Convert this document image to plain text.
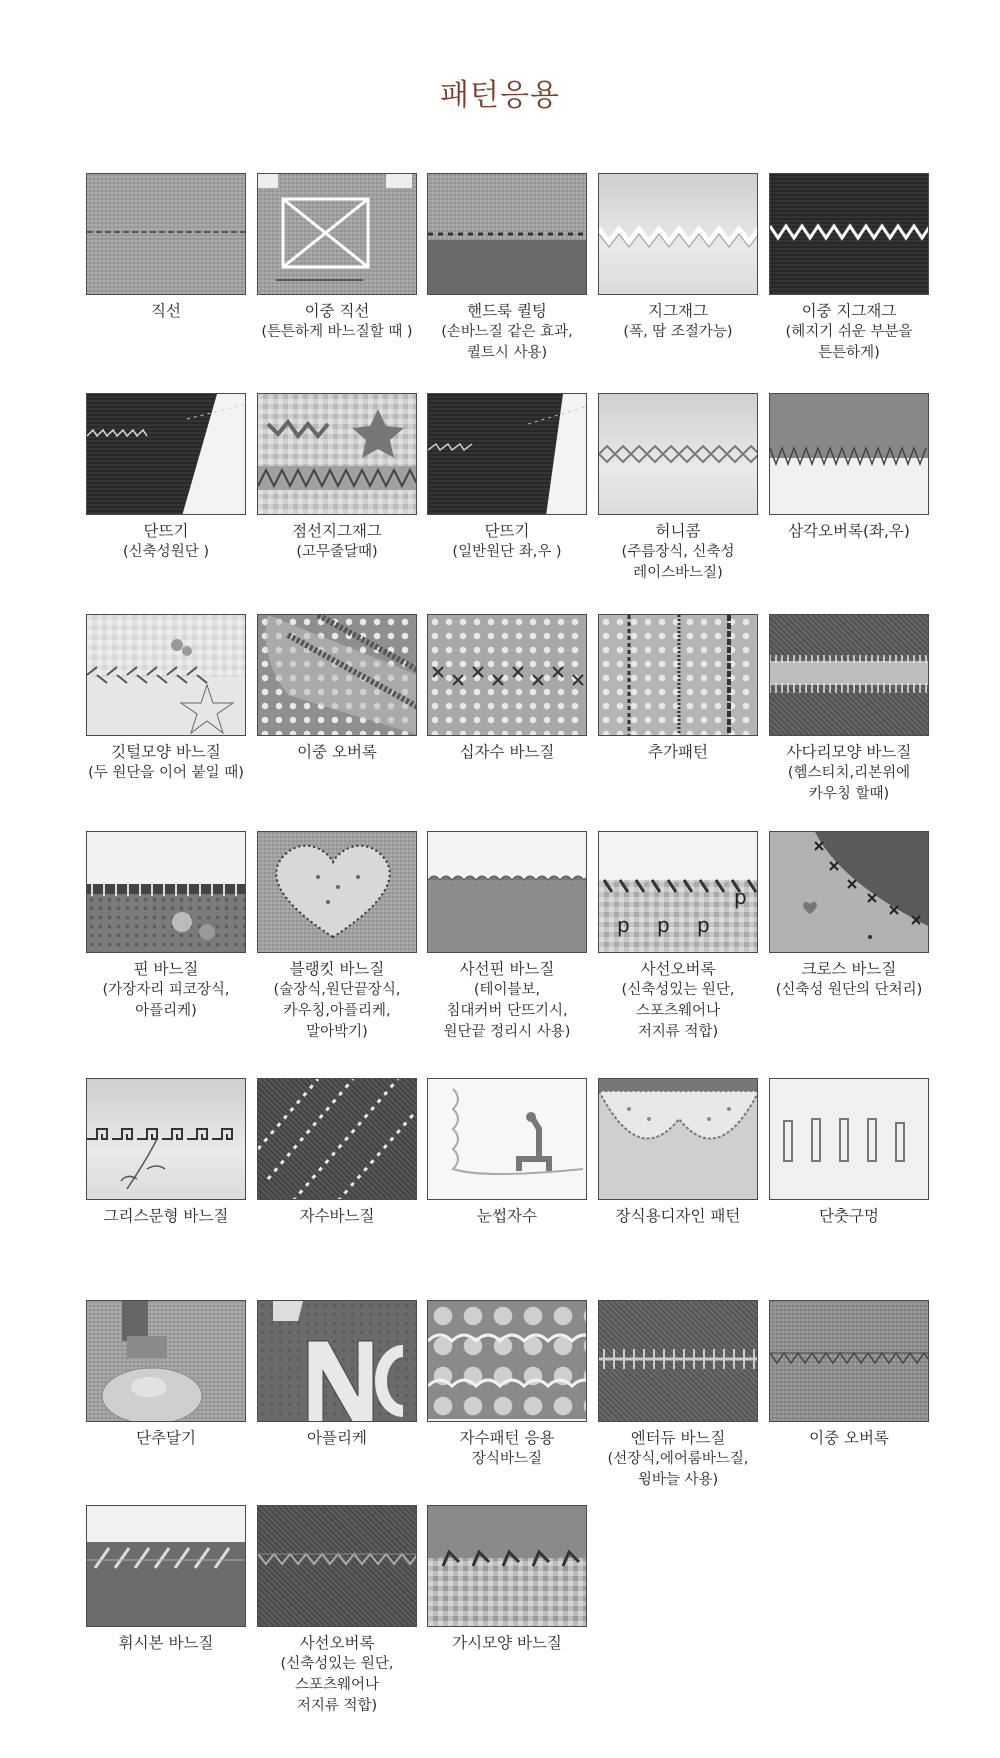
패턴응용
직선	이중 직선
(튼튼하게 바느질할 때 )
핸드룩 퀼팅
(손바느질 같은 효과,
퀼트시 사용)
지그재그
(폭, 땀 조절가능)
이중 지그재그
(헤지기 쉬운 부분을
튼튼하게)
단뜨기
(신축성원단 )
점선지그재그
(고무줄달때)
단뜨기
(일반원단 좌,우 )
허니콤
(주름장식, 신축성
레이스바느질)
삼각오버록(좌,우)
깃털모양 바느질
(두 원단을 이어 붙일 때)
이중 오버록	십자수 바느질	추가패턴	사다리모양 바느질
(헴스티치,리본위에
카우칭 할때)
핀 바느질
(가장자리 피코장식,
아플리케)
블랭킷 바느질
(술장식,원단끝장식,
카우칭,아플리케,
말아박기)
사선핀 바느질
(테이블보,
침대커버 단뜨기시,
원단끝 정리시 사용)
p p p
p
사선오버록
(신축성있는 원단,
스포츠웨어나
저지류 적합)
크로스 바느질
(신축성 원단의 단처리)
그리스문형 바느질	자수바느질	눈썹자수	장식용디자인 패턴	단춧구멍
단추달기	아플리케	자수패턴 응용
장식바느질
엔터듀 바느질
(선장식,에어룸바느질,
윙바늘 사용)
이중 오버록
휘시본 바느질	사선오버록
(신축성있는 원단,
스포츠웨어나
저지류 적합)
가시모양 바느질
